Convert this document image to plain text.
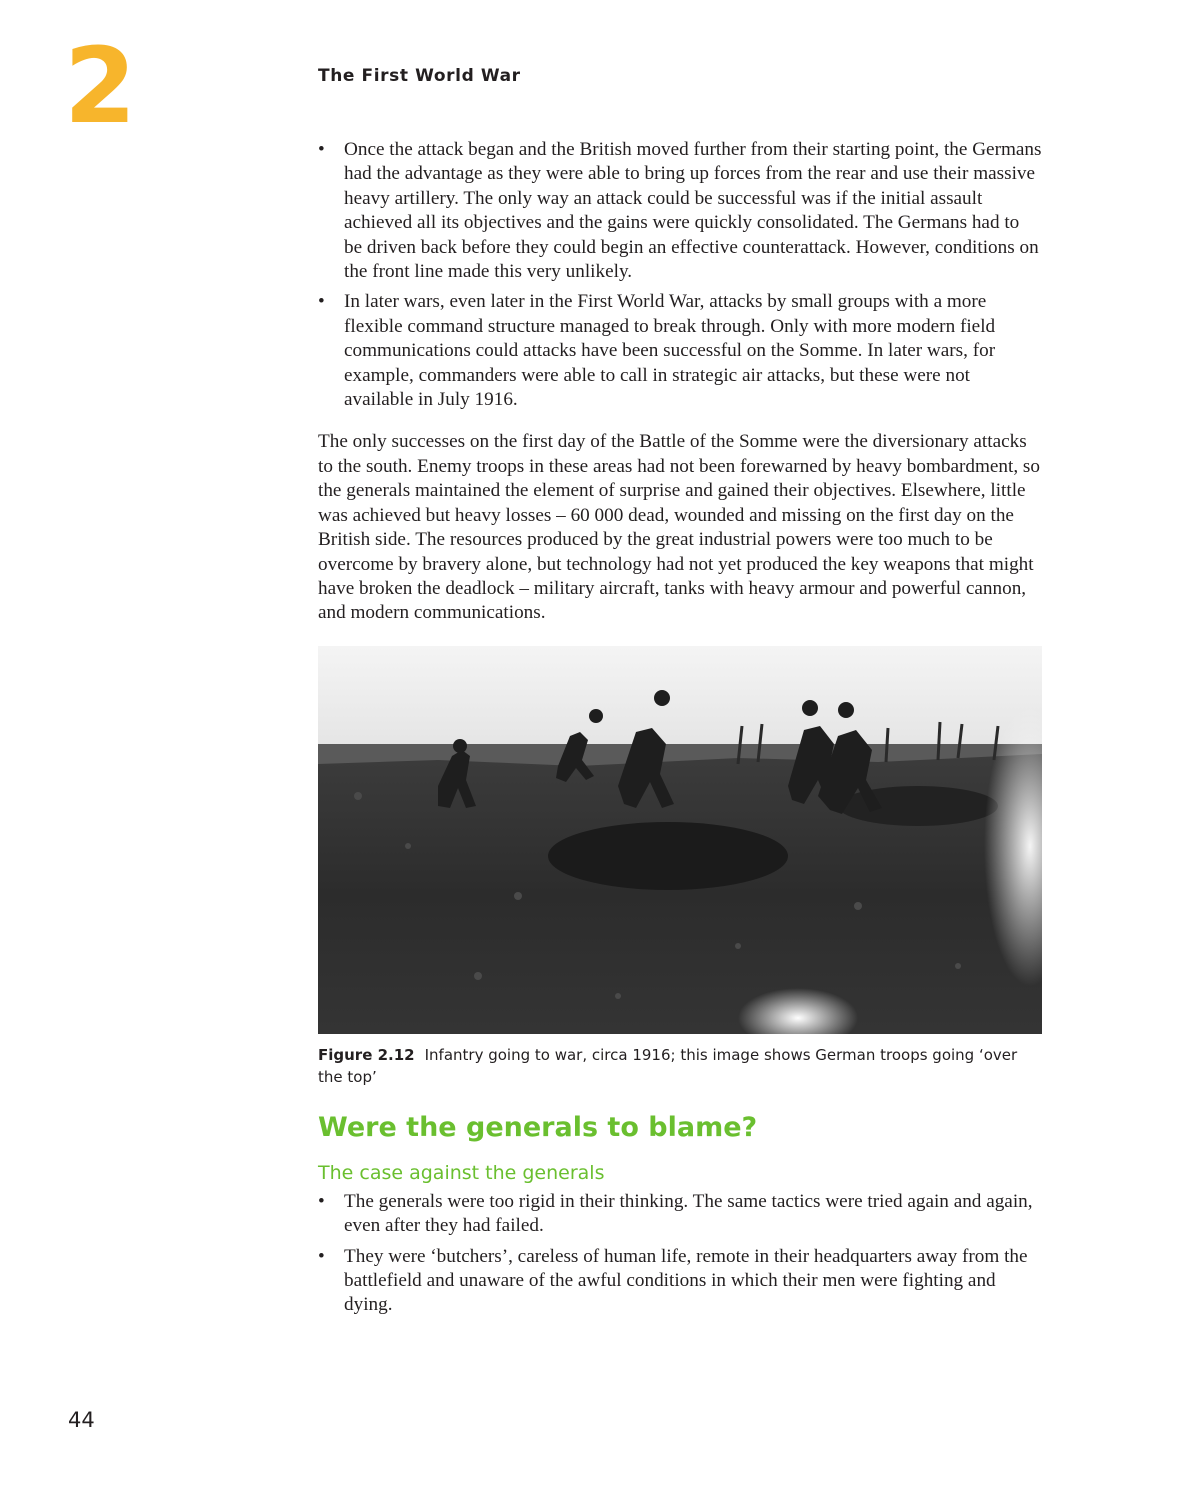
2	The First World War
• Once the attack began and the British moved further from their starting point, the Germans had the advantage as they were able to bring up forces from the rear and use their massive heavy artillery. The only way an attack could be successful was if the initial assault achieved all its objectives and the gains were quickly consolidated. The Germans had to be driven back before they could begin an effective counterattack. However, conditions on the front line made this very unlikely.
• In later wars, even later in the First World War, attacks by small groups with a more flexible command structure managed to break through. Only with more modern field communications could attacks have been successful on the Somme. In later wars, for example, commanders were able to call in strategic air attacks, but these were not available in July 1916.

The only successes on the first day of the Battle of the Somme were the diversionary attacks to the south. Enemy troops in these areas had not been forewarned by heavy bombardment, so the generals maintained the element of surprise and gained their objectives. Elsewhere, little was achieved but heavy losses – 60 000 dead, wounded and missing on the first day on the British side. The resources produced by the great industrial powers were too much to be overcome by bravery alone, but technology had not yet produced the key weapons that might have broken the deadlock – military aircraft, tanks with heavy armour and powerful cannon, and modern communications.

Figure 2.12 Infantry going to war, circa 1916; this image shows German troops going ‘over the top’
Were the generals to blame?
The case against the generals
• The generals were too rigid in their thinking. The same tactics were tried again and again, even after they had failed.
• They were ‘butchers’, careless of human life, remote in their headquarters away from the battlefield and unaware of the awful conditions in which their men were fighting and dying.
44
